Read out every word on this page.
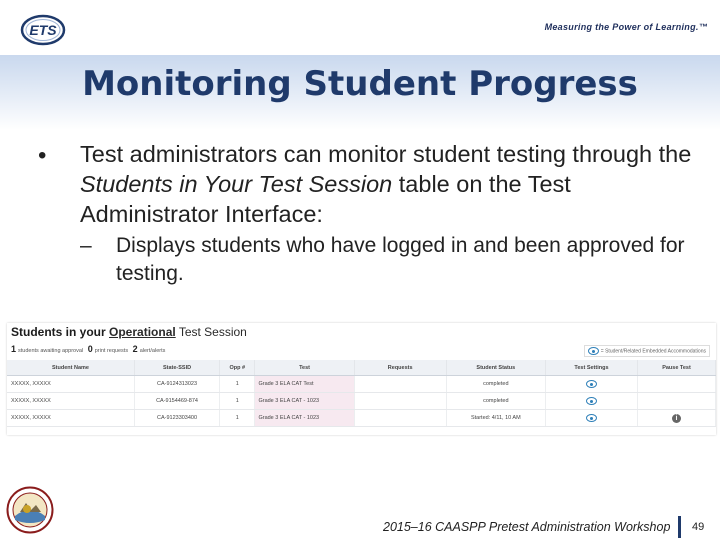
ETS	Measuring the Power of Learning.™
Monitoring Student Progress
• Test administrators can monitor student testing through the Students in Your Test Session table on the Test Administrator Interface:
– Displays students who have logged in and been approved for testing.
Students in your Operational Test Session
1 students awaiting approval 0 print requests 2 alert/alerts	= Student/Related Embedded Accommodations
Student Name	State-SSID	Opp #	Test	Requests	Student Status	Test Settings	Pause Test
XXXXX, XXXXX	CA-9124313023	1	Grade 3 ELA CAT Test		completed		
XXXXX, XXXXX	CA-9154469-874	1	Grade 3 ELA CAT - 1023		completed		
XXXXX, XXXXX	CA-9123303400	1	Grade 3 ELA CAT - 1023		Started: 4/11, 10 AM		i
2015–16 CAASPP Pretest Administration Workshop 49
